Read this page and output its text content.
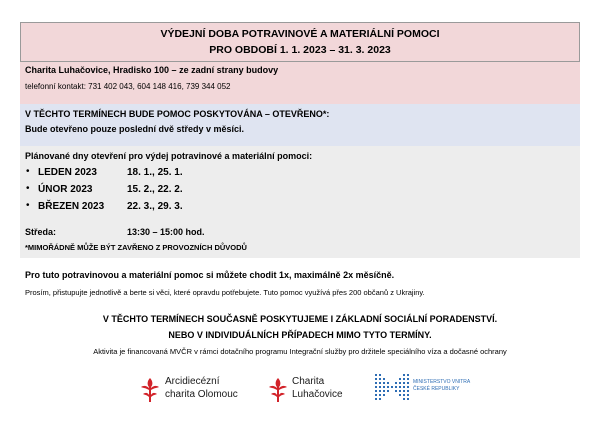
VÝDEJNÍ DOBA POTRAVINOVÉ A MATERIÁLNÍ POMOCI
PRO OBDOBÍ 1. 1. 2023 – 31. 3. 2023
Charita Luhačovice, Hradisko 100 – ze zadní strany budovy
telefonní kontakt: 731 402 043, 604 148 416, 739 344 052
V TĚCHTO TERMÍNECH BUDE POMOC POSKYTOVÁNA – OTEVŘENO*:
Bude otevřeno pouze poslední dvě středy v měsíci.
Plánované dny otevření pro výdej potravinové a materiální pomoci:
• LEDEN 2023	18. 1., 25. 1.
• ÚNOR 2023	15. 2., 22. 2.
• BŘEZEN 2023 22. 3., 29. 3.
Středa:	13:30 – 15:00 hod.
*MIMOŘÁDNĚ MŮŽE BÝT ZAVŘENO Z PROVOZNÍCH DŮVODŮ
Pro tuto potravinovou a materiální pomoc si můžete chodit 1x, maximálně 2x měsíčně.
Prosím, přistupujte jednotlivě a berte si věci, které opravdu potřebujete. Tuto pomoc využívá přes 200 občanů z Ukrajiny.
V TĚCHTO TERMÍNECH SOUČASNĚ POSKYTUJEME I ZÁKLADNÍ SOCIÁLNÍ PORADENSTVÍ.
NEBO V INDIVIDUÁLNÍCH PŘÍPADECH MIMO TYTO TERMÍNY.
Aktivita je financovaná MVČR v rámci dotačního programu Integrační služby pro držitele speciálního víza a dočasné ochrany
Arcidiecézní
charita Olomouc
Charita
Luhačovice
MINISTERSTVO VNITRA
ČESKÉ REPUBLIKY
